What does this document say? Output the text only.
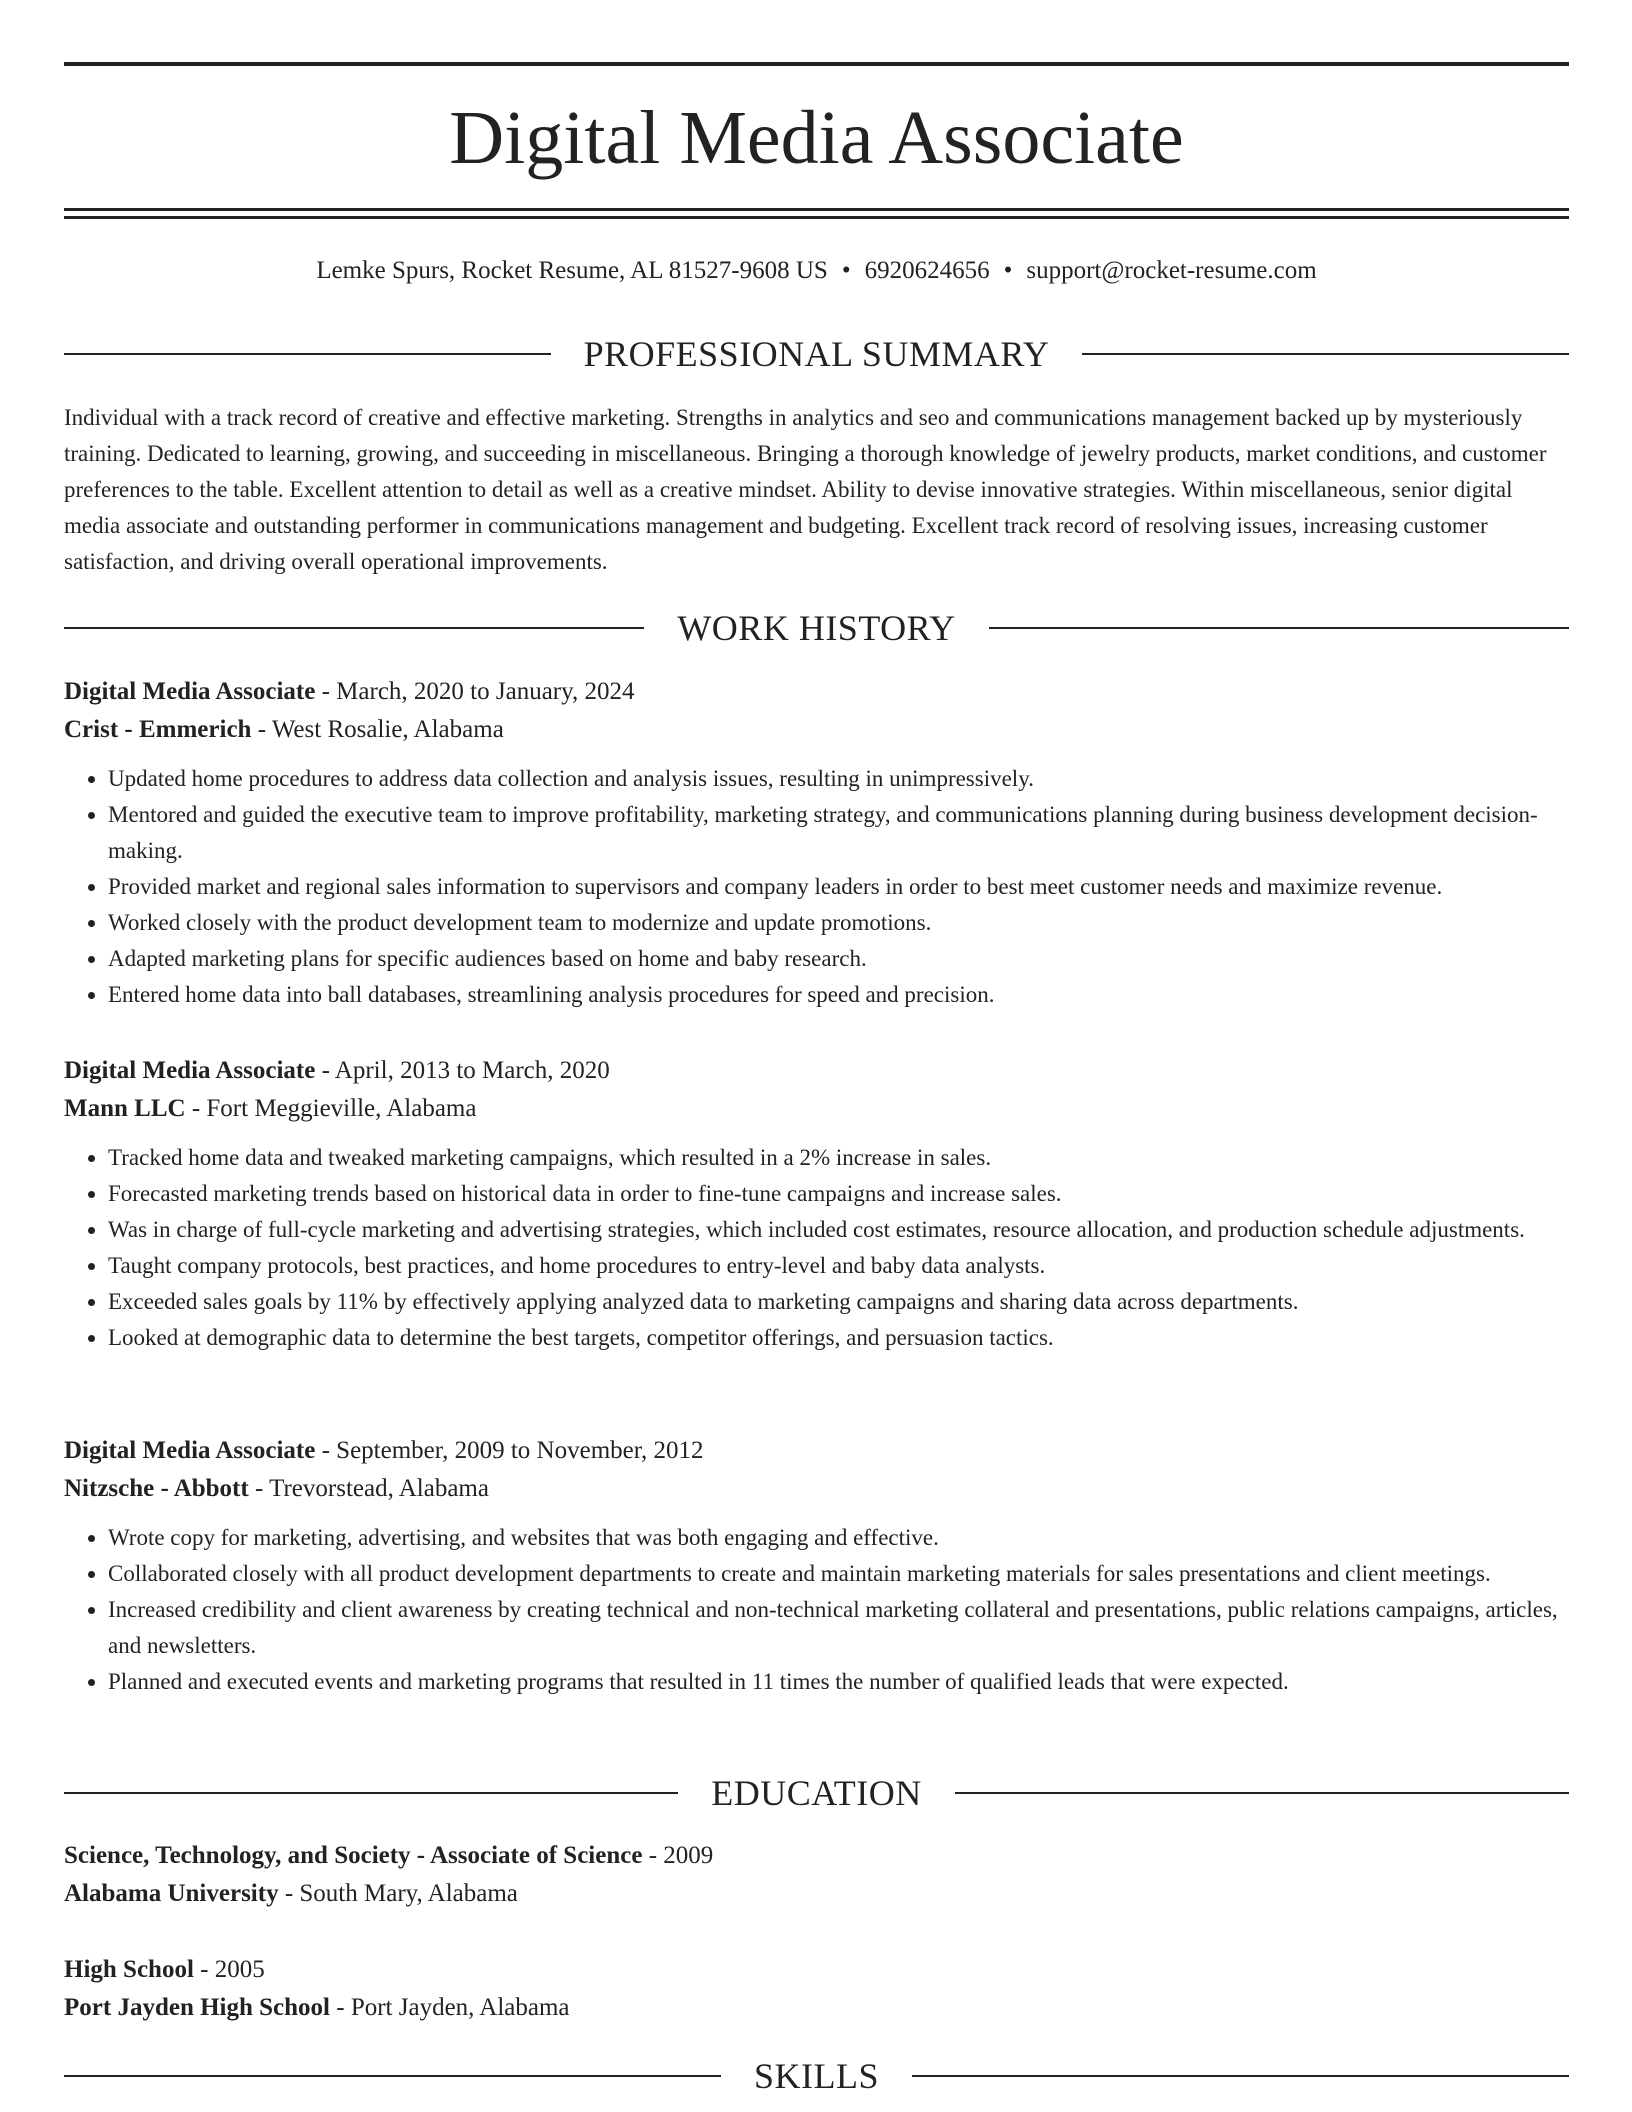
Digital Media Associate
Lemke Spurs, Rocket Resume, AL 81527-9608 US • 6920624656 • support@rocket-resume.com
PROFESSIONAL SUMMARY

Individual with a track record of creative and effective marketing. Strengths in analytics and seo and communications management backed up by mysteriously training. Dedicated to learning, growing, and succeeding in miscellaneous. Bringing a thorough knowledge of jewelry products, market conditions, and customer preferences to the table. Excellent attention to detail as well as a creative mindset. Ability to devise innovative strategies. Within miscellaneous, senior digital media associate and outstanding performer in communications management and budgeting. Excellent track record of resolving issues, increasing customer satisfaction, and driving overall operational improvements.

WORK HISTORY
Digital Media Associate - March, 2020 to January, 2024
Crist - Emmerich - West Rosalie, Alabama
• Updated home procedures to address data collection and analysis issues, resulting in unimpressively.
• Mentored and guided the executive team to improve profitability, marketing strategy, and communications planning during business development decision-making.
• Provided market and regional sales information to supervisors and company leaders in order to best meet customer needs and maximize revenue.
• Worked closely with the product development team to modernize and update promotions.
• Adapted marketing plans for specific audiences based on home and baby research.
• Entered home data into ball databases, streamlining analysis procedures for speed and precision.
Digital Media Associate - April, 2013 to March, 2020
Mann LLC - Fort Meggieville, Alabama
• Tracked home data and tweaked marketing campaigns, which resulted in a 2% increase in sales.
• Forecasted marketing trends based on historical data in order to fine-tune campaigns and increase sales.
• Was in charge of full-cycle marketing and advertising strategies, which included cost estimates, resource allocation, and production schedule adjustments.
• Taught company protocols, best practices, and home procedures to entry-level and baby data analysts.
• Exceeded sales goals by 11% by effectively applying analyzed data to marketing campaigns and sharing data across departments.
• Looked at demographic data to determine the best targets, competitor offerings, and persuasion tactics.
Digital Media Associate - September, 2009 to November, 2012
Nitzsche - Abbott - Trevorstead, Alabama
• Wrote copy for marketing, advertising, and websites that was both engaging and effective.
• Collaborated closely with all product development departments to create and maintain marketing materials for sales presentations and client meetings.
• Increased credibility and client awareness by creating technical and non-technical marketing collateral and presentations, public relations campaigns, articles, and newsletters.
• Planned and executed events and marketing programs that resulted in 11 times the number of qualified leads that were expected.
EDUCATION
Science, Technology, and Society - Associate of Science - 2009
Alabama University - South Mary, Alabama
High School - 2005
Port Jayden High School - Port Jayden, Alabama
SKILLS
